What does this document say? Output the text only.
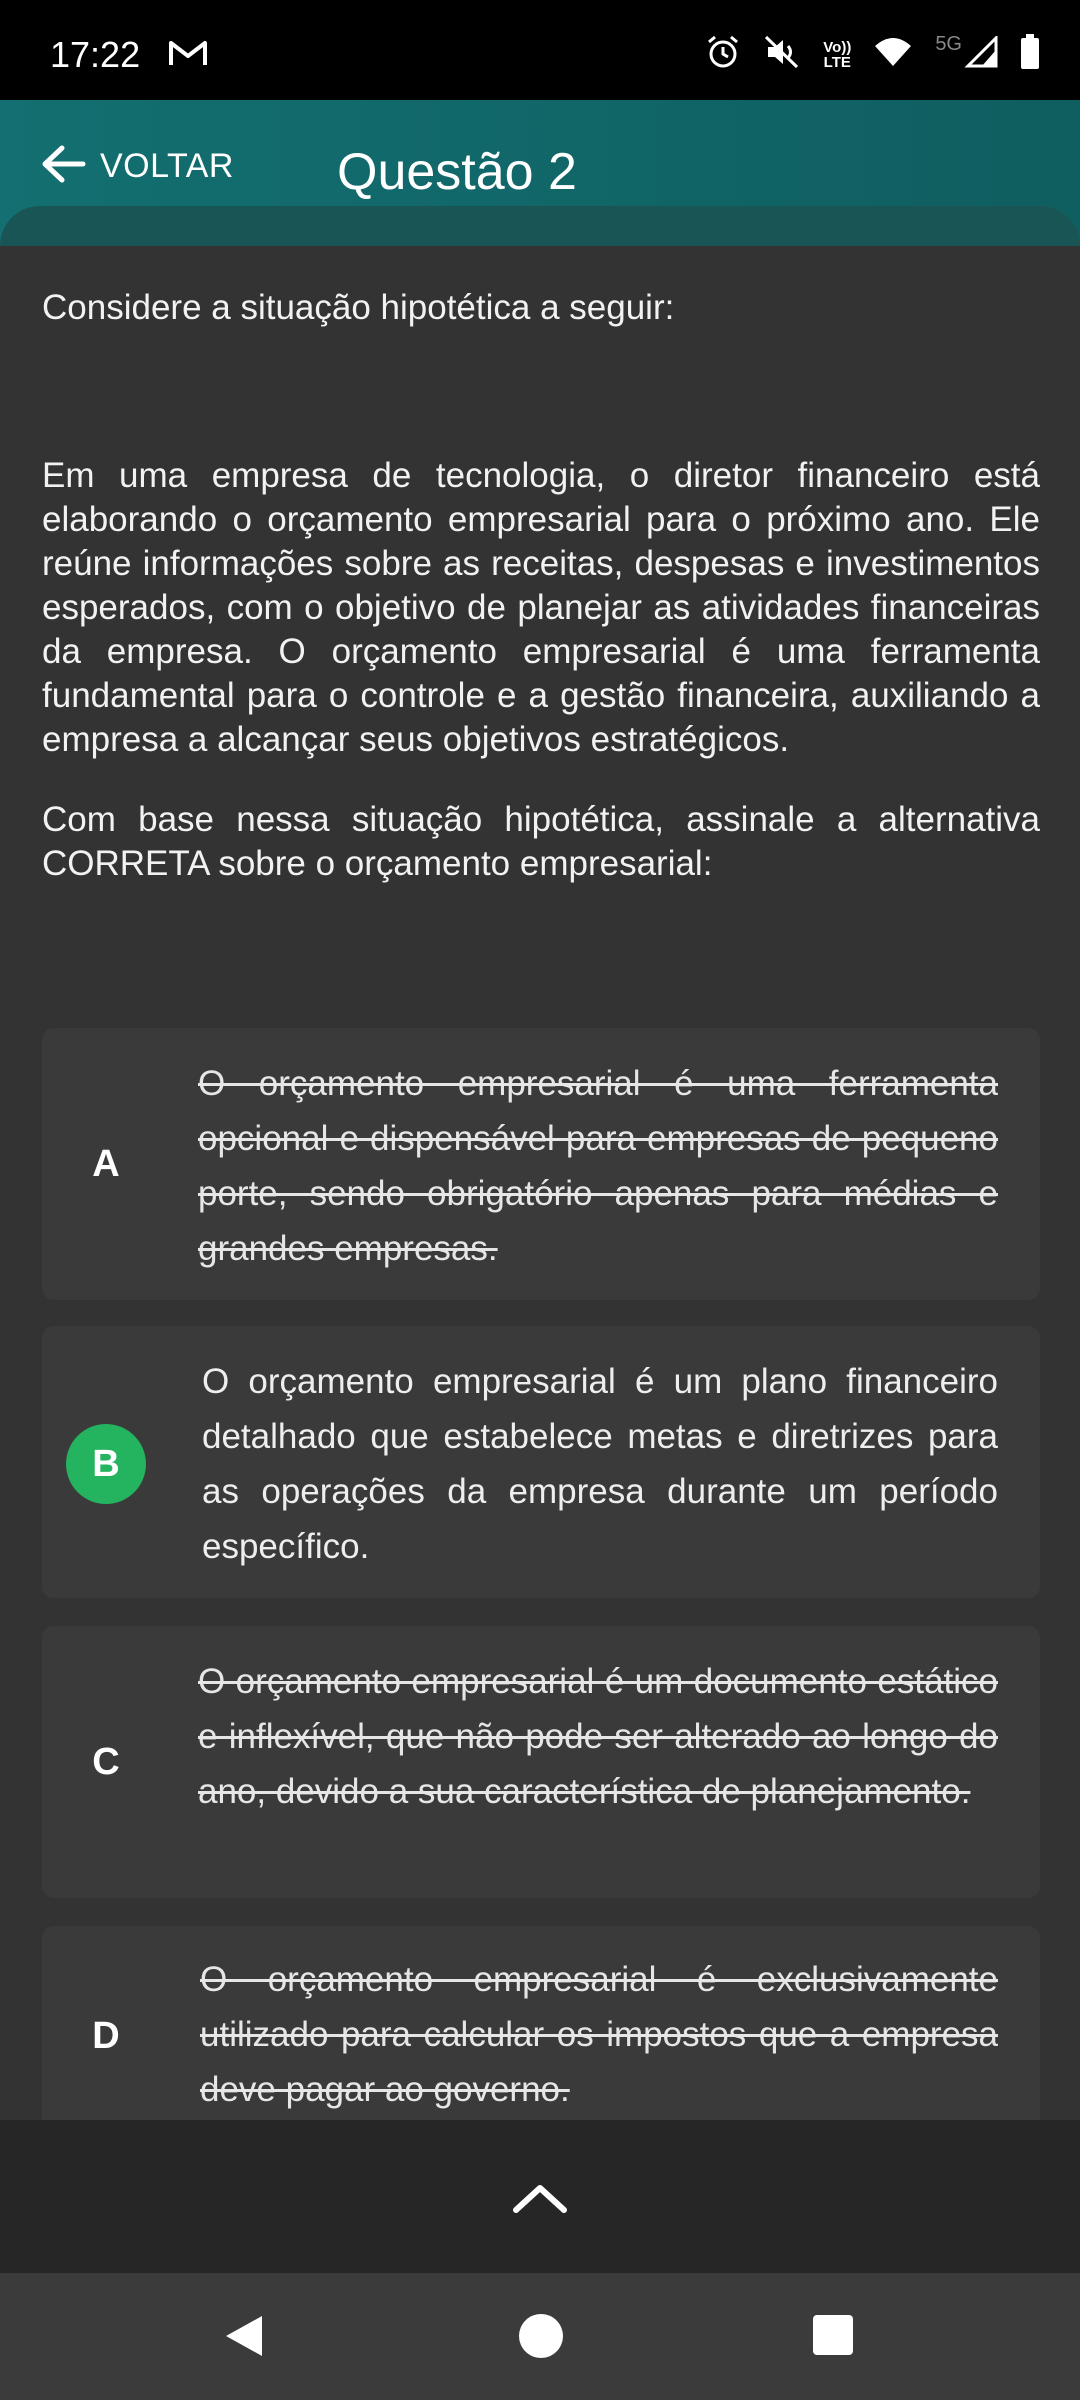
17:22	Vo))
LTE
5G
VOLTAR Questão 2

Considere a situação hipotética a seguir:

Em uma empresa de tecnologia, o diretor financeiro está elaborando o orçamento empresarial para o próximo ano. Ele reúne informações sobre as receitas, despesas e investimentos esperados, com o objetivo de planejar as atividades financeiras da empresa. O orçamento empresarial é uma ferramenta fundamental para o controle e a gestão financeira, auxiliando a empresa a alcançar seus objetivos estratégicos.

Com base nessa situação hipotética, assinale a alternativa CORRETA sobre o orçamento empresarial:

A
O orçamento empresarial é uma ferramenta opcional e dispensável para empresas de pequeno porte, sendo obrigatório apenas para médias e grandes empresas.
B
O orçamento empresarial é um plano financeiro detalhado que estabelece metas e diretrizes para as operações da empresa durante um período específico.
C
O orçamento empresarial é um documento estático e inflexível, que não pode ser alterado ao longo do ano, devido a sua característica de planejamento.
D
O orçamento empresarial é exclusivamente utilizado para calcular os impostos que a empresa deve pagar ao governo.
